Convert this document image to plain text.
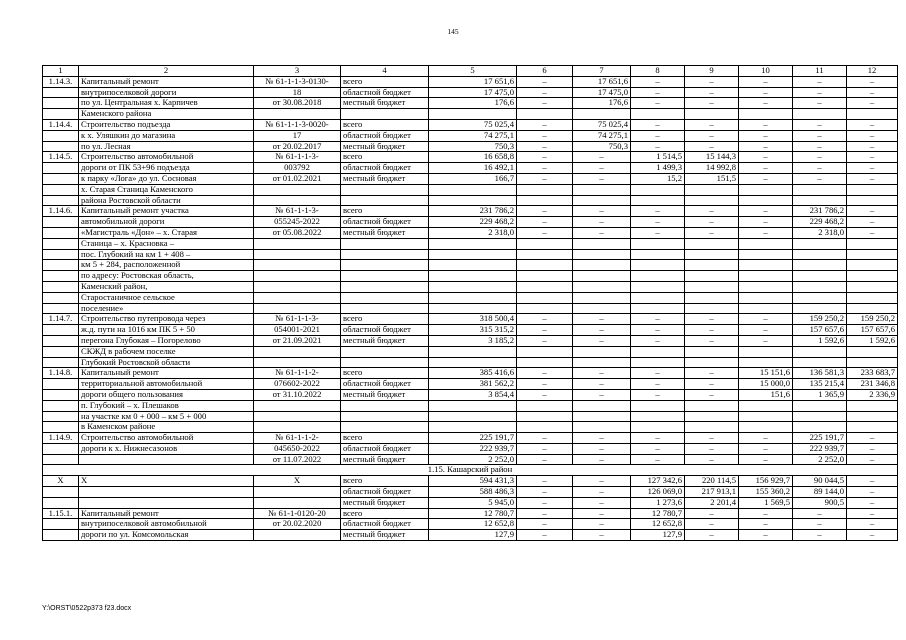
145
1	2	3	4	5	6	7	8	9	10	11	12
1.14.3.	Капитальный ремонт	№ 61-1-1-3-0130-	всего	17 651,6	–	17 651,6	–	–	–	–	–
	внутрипоселковой дороги	18	областной бюджет	17 475,0	–	17 475,0	–	–	–	–	–
	по ул. Центральная х. Карпичев	от 30.08.2018	местный бюджет	176,6	–	176,6	–	–	–	–	–
	Каменского района										
1.14.4.	Строительство подъезда	№ 61-1-1-3-0020-	всего	75 025,4	–	75 025,4	–	–	–	–	–
	к х. Уляшкин до магазина	17	областной бюджет	74 275,1	–	74 275,1	–	–	–	–	–
	по ул. Лесная	от 20.02.2017	местный бюджет	750,3	–	750,3	–	–	–	–	–
1.14.5.	Строительство автомобильной	№ 61-1-1-3-	всего	16 658,8	–	–	1 514,5	15 144,3	–	–	–
	дороги от ПК 53+96 подъезда	003792	областной бюджет	16 492,1	–	–	1 499,3	14 992,8	–	–	–
	к парку «Лога» до ул. Сосновая	от 01.02.2021	местный бюджет	166,7	–	–	15,2	151,5	–	–	–
	х. Старая Станица Каменского										
	района Ростовской области										
1.14.6.	Капитальный ремонт участка	№ 61-1-1-3-	всего	231 786,2	–	–	–	–	–	231 786,2	–
	автомобильной дороги	055245-2022	областной бюджет	229 468,2	–	–	–	–	–	229 468,2	–
	«Магистраль «Дон» – х. Старая	от 05.08.2022	местный бюджет	2 318,0	–	–	–	–	–	2 318,0	–
	Станица – х. Красновка –										
	пос. Глубокий на км 1 + 408 –										
	км 5 + 284, расположенной										
	по адресу: Ростовская область,										
	Каменский район,										
	Старостаничное сельское										
	поселение»										
1.14.7.	Строительство путепровода через	№ 61-1-1-3-	всего	318 500,4	–	–	–	–	–	159 250,2	159 250,2
	ж.д. пути на 1016 км ПК 5 + 50	054001-2021	областной бюджет	315 315,2	–	–	–	–	–	157 657,6	157 657,6
	перегона Глубокая – Погорелово	от 21.09.2021	местный бюджет	3 185,2	–	–	–	–	–	1 592,6	1 592,6
	СКЖД в рабочем поселке										
	Глубокий Ростовской области										
1.14.8.	Капитальный ремонт	№ 61-1-1-2-	всего	385 416,6	–	–	–	–	15 151,6	136 581,3	233 683,7
	территориальной автомобильной	076602-2022	областной бюджет	381 562,2	–	–	–	–	15 000,0	135 215,4	231 346,8
	дороги общего пользования	от 31.10.2022	местный бюджет	3 854,4	–	–	–	–	151,6	1 365,9	2 336,9
	п. Глубокий – х. Плешаков										
	на участке км 0 + 000 – км 5 + 000										
	в Каменском районе										
1.14.9.	Строительство автомобильной	№ 61-1-1-2-	всего	225 191,7	–	–	–	–	–	225 191,7	–
	дороги к х. Нижнесазонов	045650-2022	областной бюджет	222 939,7	–	–	–	–	–	222 939,7	–
		от 11.07.2022	местный бюджет	2 252,0	–	–	–	–	–	2 252,0	–
1.15. Кашарский район											
Х	Х	Х	всего	594 431,3	–	–	127 342,6	220 114,5	156 929,7	90 044,5	–
			областной бюджет	588 486,3	–	–	126 069,0	217 913,1	155 360,2	89 144,0	–
			местный бюджет	5 945,0	–	–	1 273,6	2 201,4	1 569,5	900,5	–
1.15.1.	Капитальный ремонт	№ 61-1-0120-20	всего	12 780,7	–	–	12 780,7	–	–	–	–
	внутрипоселковой автомобильной	от 20.02.2020	областной бюджет	12 652,8	–	–	12 652,8	–	–	–	–
	дороги по ул. Комсомольская		местный бюджет	127,9	–	–	127,9	–	–	–	–
Y:\ORST\0522p373 f23.docx
